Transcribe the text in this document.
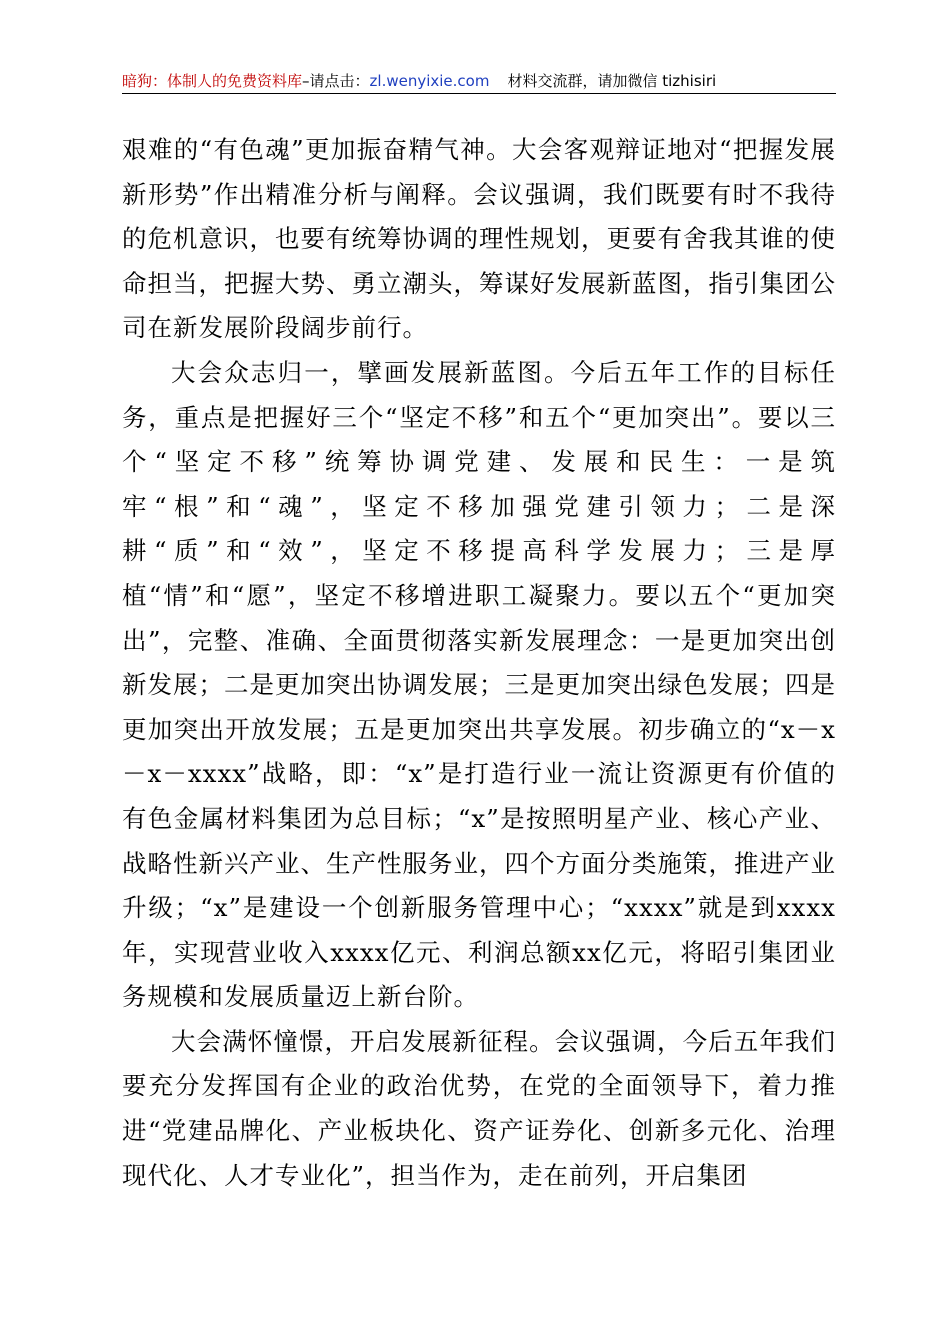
暗狗：体制人的免费资料库–请点击：zl.wenyixie.com 材料交流群，请加微信 tizhisiri

艰难的“有色魂”更加振奋精气神。大会客观辩证地对“把握发展新形势”作出精准分析与阐释。会议强调，我们既要有时不我待的危机意识，也要有统筹协调的理性规划，更要有舍我其谁的使命担当，把握大势、勇立潮头，筹谋好发展新蓝图，指引集团公司在新发展阶段阔步前行。

大会众志归一，擘画发展新蓝图。今后五年工作的目标任务，重点是把握好三个“坚定不移”和五个“更加突出”。要以三个“坚定不移”统筹协调党建、发展和民生：一是筑牢“根”和“魂”，坚定不移加强党建引领力；二是深耕“质”和“效”，坚定不移提高科学发展力；三是厚植“情”和“愿”，坚定不移增进职工凝聚力。要以五个“更加突出”，完整、准确、全面贯彻落实新发展理念：一是更加突出创新发展；二是更加突出协调发展；三是更加突出绿色发展；四是更加突出开放发展；五是更加突出共享发展。初步确立的“x－x－x－xxxx”战略，即：“x”是打造行业一流让资源更有价值的有色金属材料集团为总目标；“x”是按照明星产业、核心产业、战略性新兴产业、生产性服务业，四个方面分类施策，推进产业升级；“x”是建设一个创新服务管理中心；“xxxx”就是到xxxx年，实现营业收入xxxx亿元、利润总额xx亿元，将昭引集团业务规模和发展质量迈上新台阶。

大会满怀憧憬，开启发展新征程。会议强调，今后五年我们要充分发挥国有企业的政治优势，在党的全面领导下，着力推进“党建品牌化、产业板块化、资产证券化、创新多元化、治理现代化、人才专业化”，担当作为，走在前列，开启集团
